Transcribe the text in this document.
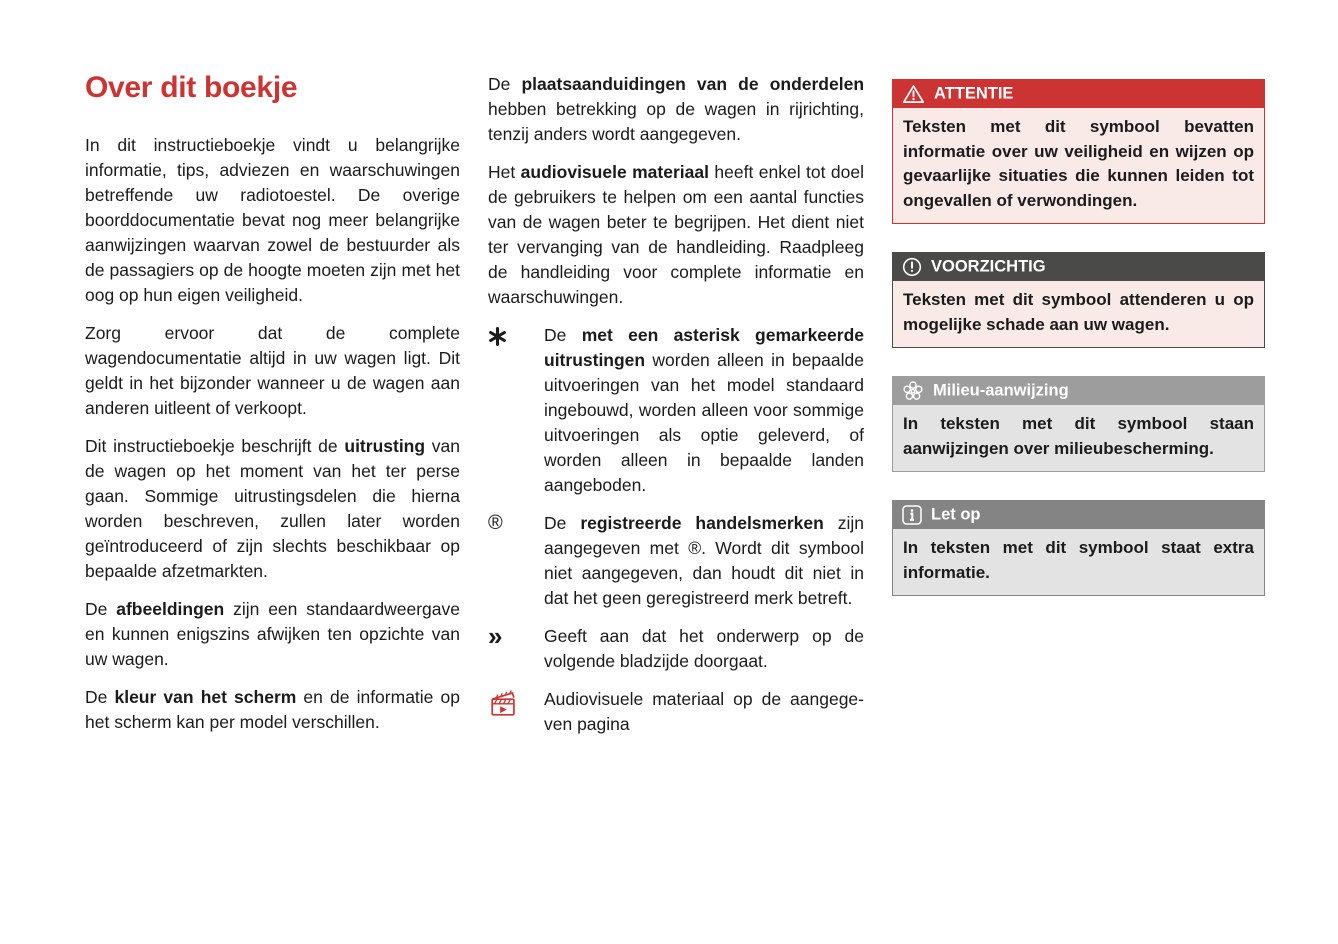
Over dit boekje

In dit instructieboekje vindt u belangrijke informatie, tips, adviezen en waarschuwingen betreffende uw radiotoestel. De overige boorddocumentatie bevat nog meer belangrijke aanwijzingen waarvan zowel de bestuurder als de passagiers op de hoogte moeten zijn met het oog op hun eigen veiligheid.

Zorg ervoor dat de complete wagendocumentatie altijd in uw wagen ligt. Dit geldt in het bijzonder wanneer u de wagen aan anderen uitleent of verkoopt.

Dit instructieboekje beschrijft de uitrusting van de wagen op het moment van het ter perse gaan. Sommige uitrustingsdelen die hierna worden beschreven, zullen later worden geïntroduceerd of zijn slechts beschikbaar op bepaalde afzetmarkten.

De afbeeldingen zijn een standaardweergave en kunnen enigszins afwijken ten opzichte van uw wagen.

De kleur van het scherm en de informatie op het scherm kan per model verschillen.

De plaatsaanduidingen van de onderdelen hebben betrekking op de wagen in rijrichting, tenzij anders wordt aangegeven.

Het audiovisuele materiaal heeft enkel tot doel de gebruikers te helpen om een aantal functies van de wagen beter te begrijpen. Het dient niet ter vervanging van de handleiding. Raadpleeg de handleiding voor complete informatie en waarschuwingen.

De met een asterisk gemarkeerde uitrustingen worden alleen in bepaalde uitvoeringen van het model standaard ingebouwd, worden alleen voor sommige uitvoeringen als optie geleverd, of worden alleen in bepaalde landen aangeboden.

®	De registreerde handelsmerken zijn aangegeven met ®. Wordt dit symbool niet aangegeven, dan houdt dit niet in dat het geen geregistreerd merk betreft.

»	Geeft aan dat het onderwerp op de volgende bladzijde doorgaat.

Audiovisuele materiaal op de aangegeven pagina

ATTENTIE

Teksten met dit symbool bevatten informatie over uw veiligheid en wijzen op gevaarlijke situaties die kunnen leiden tot ongevallen of verwondingen.

VOORZICHTIG

Teksten met dit symbool attenderen u op mogelijke schade aan uw wagen.

Milieu-aanwijzing

In teksten met dit symbool staan aanwijzingen over milieubescherming.

Let op

In teksten met dit symbool staat extra informatie.
